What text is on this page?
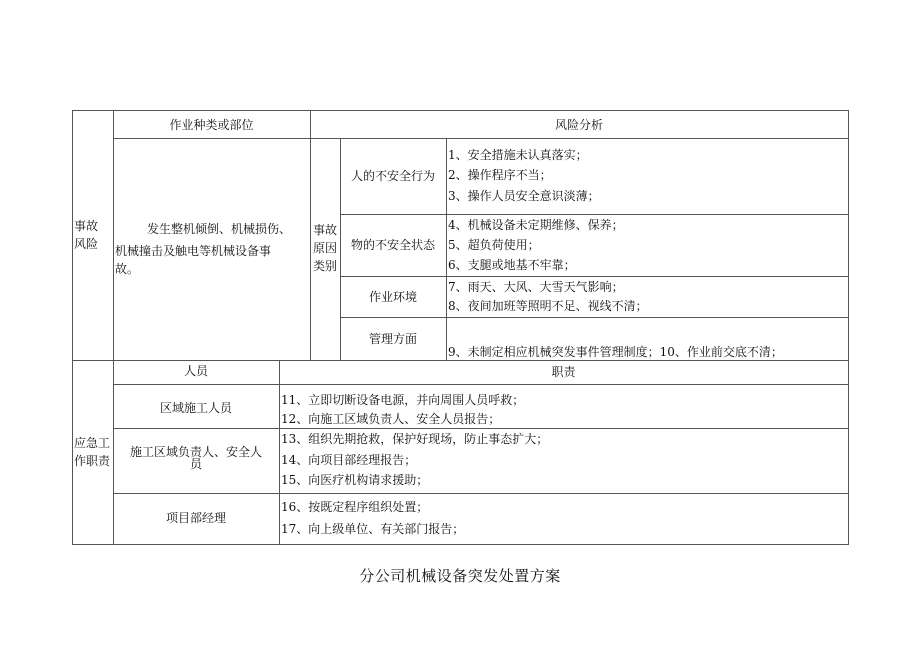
事故
风险
作业种类或部位	风险分析
发生整机倾倒、机械损伤、
机械撞击及触电等机械设备事
故。
事故
原因
类别
人的不安全行为
1、安全措施未认真落实；
2、操作程序不当；
3、操作人员安全意识淡薄；
物的不安全状态
4、机械设备未定期维修、保养；
5、超负荷使用；
6、支腿或地基不牢靠；
作业环境
7、雨天、大风、大雪天气影响；
8、夜间加班等照明不足、视线不清；
管理方面
9、未制定相应机械突发事件管理制度；10、作业前交底不清；
应急工
作职责
人员	职责
区域施工人员
11、立即切断设备电源，并向周围人员呼救；
12、向施工区域负责人、安全人员报告；
施工区域负责人、安全人
员
13、组织先期抢救，保护好现场，防止事态扩大；
14、向项目部经理报告；
15、向医疗机构请求援助；
项目部经理
16、按既定程序组织处置；
17、向上级单位、有关部门报告；
分公司机械设备突发处置方案
